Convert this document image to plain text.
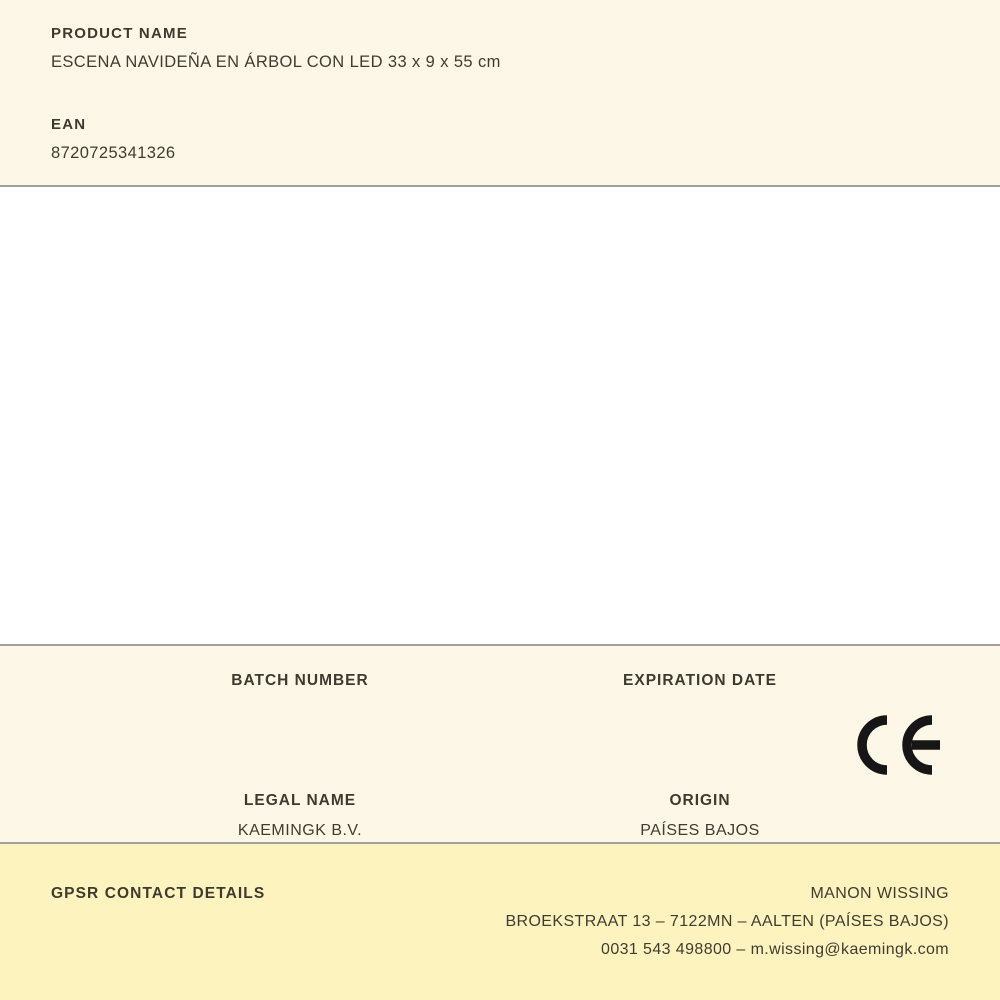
PRODUCT NAME
ESCENA NAVIDEÑA EN ÁRBOL CON LED 33 x 9 x 55 cm
EAN
8720725341326
BATCH NUMBER	EXPIRATION DATE
LEGAL NAME	ORIGIN
KAEMINGK B.V.	PAÍSES BAJOS
GPSR CONTACT DETAILS	MANON WISSING
BROEKSTRAAT 13 – 7122MN – AALTEN (PAÍSES BAJOS)
0031 543 498800 – m.wissing@kaemingk.com
